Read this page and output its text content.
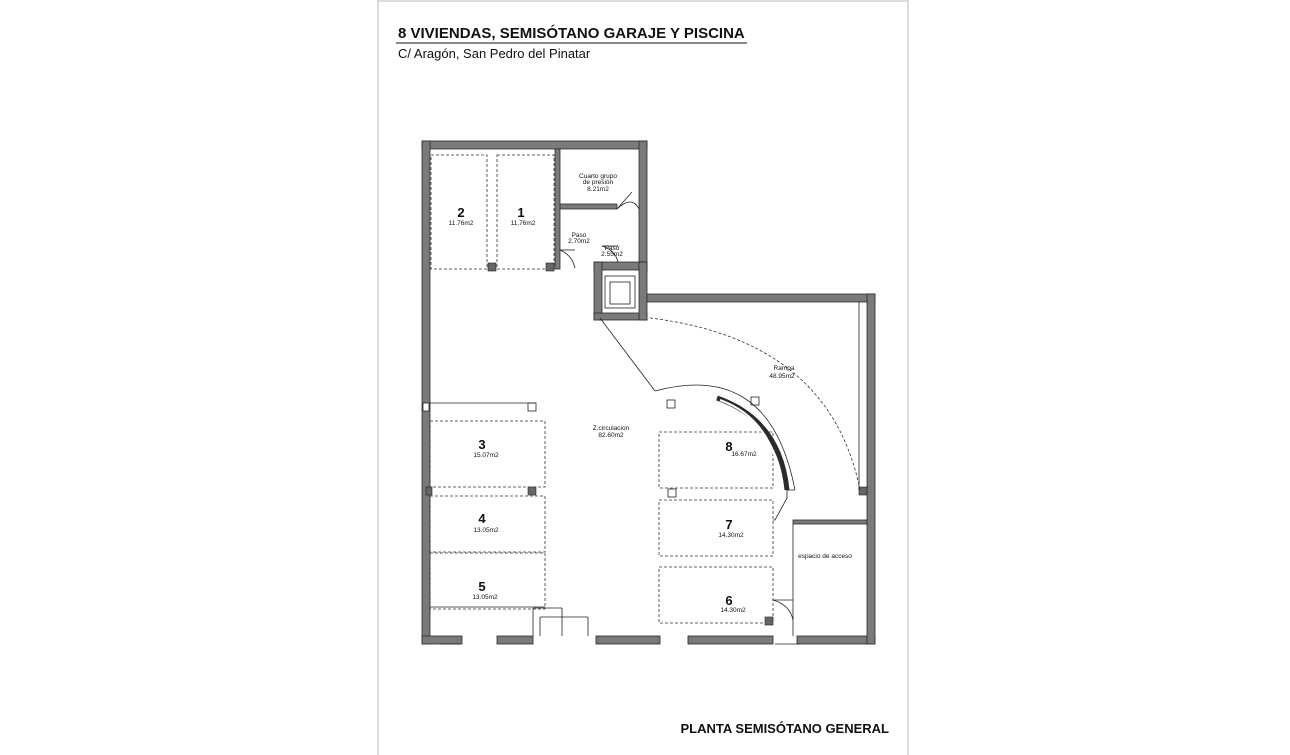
8 VIVIENDAS, SEMISÓTANO GARAJE Y PISCINA
C/ Aragón, San Pedro del Pinatar
2
11.76m2
1
11.76m2
Cuarto grupo
de presión
8.21m2
Paso
2.70m2
Paso
2.55m2
Rampa
48.95m2
Z.circulacion
82.60m2
3
15.07m2
4
13.05m2
5
13.05m2
8
16.67m2
7
14.30m2
6
14.30m2
espacio de acceso
PLANTA SEMISÓTANO GENERAL
